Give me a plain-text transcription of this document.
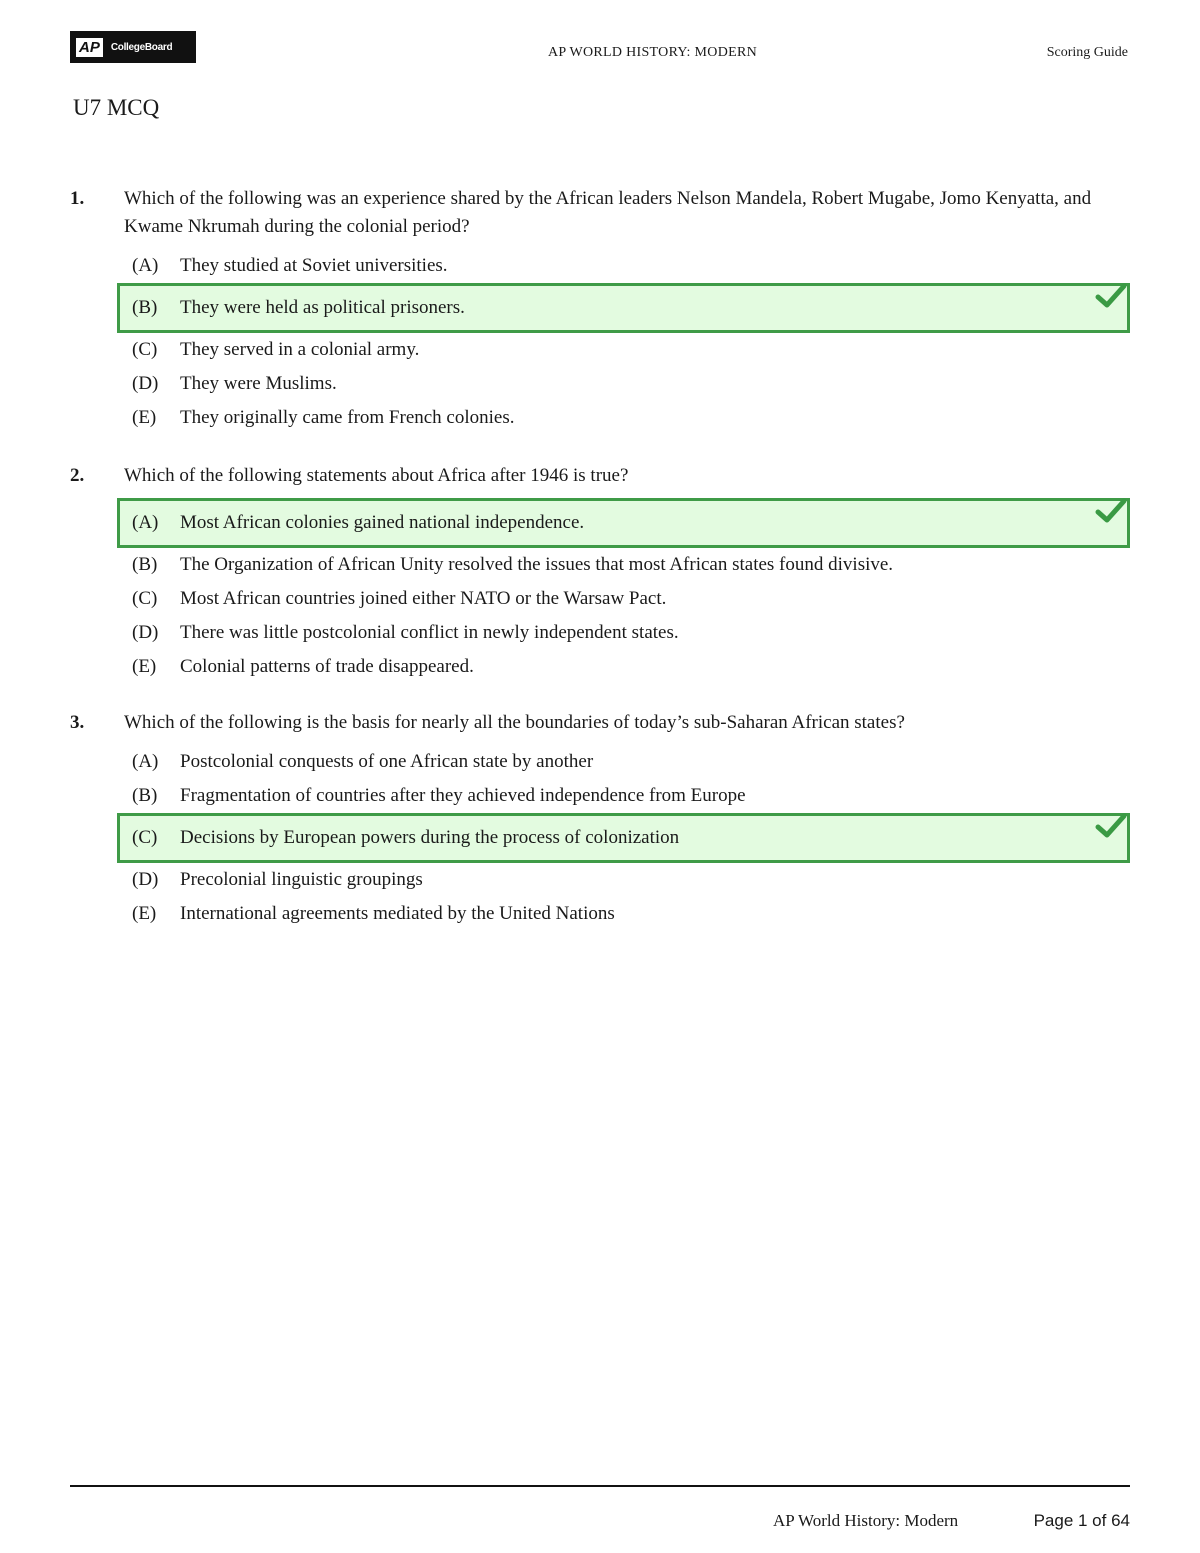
AP	CollegeBoard	AP WORLD HISTORY: MODERN	Scoring Guide
U7 MCQ
1. Which of the following was an experience shared by the African leaders Nelson Mandela, Robert Mugabe, Jomo Kenyatta, and Kwame Nkrumah during the colonial period?
(A) They studied at Soviet universities.
(B) They were held as political prisoners.
(C) They served in a colonial army.
(D) They were Muslims.
(E) They originally came from French colonies.
2. Which of the following statements about Africa after 1946 is true?
(A) Most African colonies gained national independence.
(B) The Organization of African Unity resolved the issues that most African states found divisive.
(C) Most African countries joined either NATO or the Warsaw Pact.
(D) There was little postcolonial conflict in newly independent states.
(E) Colonial patterns of trade disappeared.
3. Which of the following is the basis for nearly all the boundaries of today’s sub-Saharan African states?
(A) Postcolonial conquests of one African state by another
(B) Fragmentation of countries after they achieved independence from Europe
(C) Decisions by European powers during the process of colonization
(D) Precolonial linguistic groupings
(E) International agreements mediated by the United Nations
AP World History: Modern	Page 1 of 64
